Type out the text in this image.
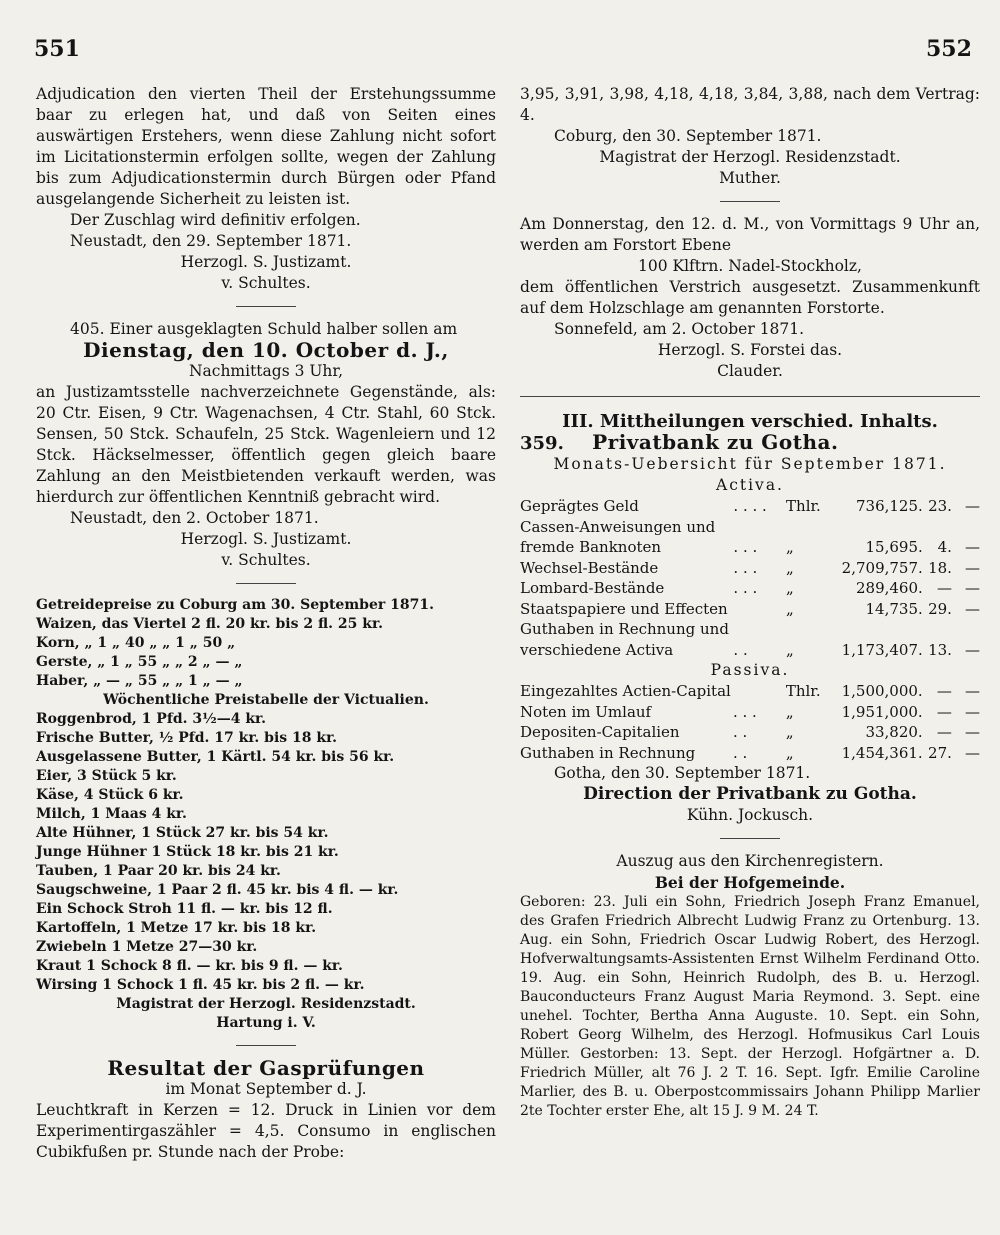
551	552

Adjudication den vierten Theil der Erstehungssumme baar zu erlegen hat, und daß von Seiten eines auswärtigen Erstehers, wenn diese Zahlung nicht sofort im Licitationstermin erfolgen sollte, wegen der Zahlung bis zum Adjudicationstermin durch Bürgen oder Pfand ausgelangende Sicherheit zu leisten ist.

Der Zuschlag wird definitiv erfolgen.

Neustadt, den 29. September 1871.

Herzogl. S. Justizamt.

v. Schultes.

405. Einer ausgeklagten Schuld halber sollen am

Dienstag, den 10. October d. J.,

Nachmittags 3 Uhr,

an Justizamtsstelle nachverzeichnete Gegenstände, als: 20 Ctr. Eisen, 9 Ctr. Wagenachsen, 4 Ctr. Stahl, 60 Stck. Sensen, 50 Stck. Schaufeln, 25 Stck. Wagenleiern und 12 Stck. Häckselmesser, öffentlich gegen gleich baare Zahlung an den Meistbietenden verkauft werden, was hierdurch zur öffentlichen Kenntniß gebracht wird.

Neustadt, den 2. October 1871.

Herzogl. S. Justizamt.

v. Schultes.

Getreidepreise zu Coburg am 30. September 1871.

Waizen, das Viertel 2 fl. 20 kr. bis 2 fl. 25 kr.
Korn, „ 1 „ 40 „ „ 1 „ 50 „
Gerste, „ 1 „ 55 „ „ 2 „ — „
Haber, „ — „ 55 „ „ 1 „ — „

Wöchentliche Preistabelle der Victualien.

Roggenbrod, 1 Pfd. 3½—4 kr.
Frische Butter, ½ Pfd. 17 kr. bis 18 kr.
Ausgelassene Butter, 1 Kärtl. 54 kr. bis 56 kr.
Eier, 3 Stück 5 kr.
Käse, 4 Stück 6 kr.
Milch, 1 Maas 4 kr.
Alte Hühner, 1 Stück 27 kr. bis 54 kr.
Junge Hühner 1 Stück 18 kr. bis 21 kr.
Tauben, 1 Paar 20 kr. bis 24 kr.
Saugschweine, 1 Paar 2 fl. 45 kr. bis 4 fl. — kr.
Ein Schock Stroh 11 fl. — kr. bis 12 fl.
Kartoffeln, 1 Metze 17 kr. bis 18 kr.
Zwiebeln 1 Metze 27—30 kr.
Kraut 1 Schock 8 fl. — kr. bis 9 fl. — kr.
Wirsing 1 Schock 1 fl. 45 kr. bis 2 fl. — kr.

Magistrat der Herzogl. Residenzstadt.

Hartung i. V.

Resultat der Gasprüfungen

im Monat September d. J.

Leuchtkraft in Kerzen = 12. Druck in Linien vor dem Experimentirgaszähler = 4,5. Consumo in englischen Cubikfußen pr. Stunde nach der Probe:

3,95, 3,91, 3,98, 4,18, 4,18, 3,84, 3,88, nach dem Vertrag: 4.

Coburg, den 30. September 1871.

Magistrat der Herzogl. Residenzstadt.

Muther.

Am Donnerstag, den 12. d. M., von Vormittags 9 Uhr an, werden am Forstort Ebene

100 Klftrn. Nadel-Stockholz,

dem öffentlichen Verstrich ausgesetzt. Zusammenkunft auf dem Holzschlage am genannten Forstorte.

Sonnefeld, am 2. October 1871.

Herzogl. S. Forstei das.

Clauder.

III. Mittheilungen verschied. Inhalts.

359. Privatbank zu Gotha.

Monats-Uebersicht für September 1871.

Activa.

Geprägtes Geld	. . . .	Thlr.	736,125.	23.	—
Cassen-Anweisungen und					
fremde Banknoten	. . .	„	15,695.	4.	—
Wechsel-Bestände	. . .	„	2,709,757.	18.	—
Lombard-Bestände	. . .	„	289,460.	—	—
Staatspapiere und Effecten		„	14,735.	29.	—
Guthaben in Rechnung und					
verschiedene Activa	. .	„	1,173,407.	13.	—

Passiva.

Eingezahltes Actien-Capital		Thlr.	1,500,000.	—	—
Noten im Umlauf	. . .	„	1,951,000.	—	—
Depositen-Capitalien	. .	„	33,820.	—	—
Guthaben in Rechnung	. .	„	1,454,361.	27.	—

Gotha, den 30. September 1871.

Direction der Privatbank zu Gotha.

Kühn. Jockusch.

Auszug aus den Kirchenregistern.

Bei der Hofgemeinde.

Geboren: 23. Juli ein Sohn, Friedrich Joseph Franz Emanuel, des Grafen Friedrich Albrecht Ludwig Franz zu Ortenburg. 13. Aug. ein Sohn, Friedrich Oscar Ludwig Robert, des Herzogl. Hofverwaltungsamts-Assistenten Ernst Wilhelm Ferdinand Otto. 19. Aug. ein Sohn, Heinrich Rudolph, des B. u. Herzogl. Bauconducteurs Franz August Maria Reymond. 3. Sept. eine unehel. Tochter, Bertha Anna Auguste. 10. Sept. ein Sohn, Robert Georg Wilhelm, des Herzogl. Hofmusikus Carl Louis Müller. Gestorben: 13. Sept. der Herzogl. Hofgärtner a. D. Friedrich Müller, alt 76 J. 2 T. 16. Sept. Igfr. Emilie Caroline Marlier, des B. u. Oberpostcommissairs Johann Philipp Marlier 2te Tochter erster Ehe, alt 15 J. 9 M. 24 T.
